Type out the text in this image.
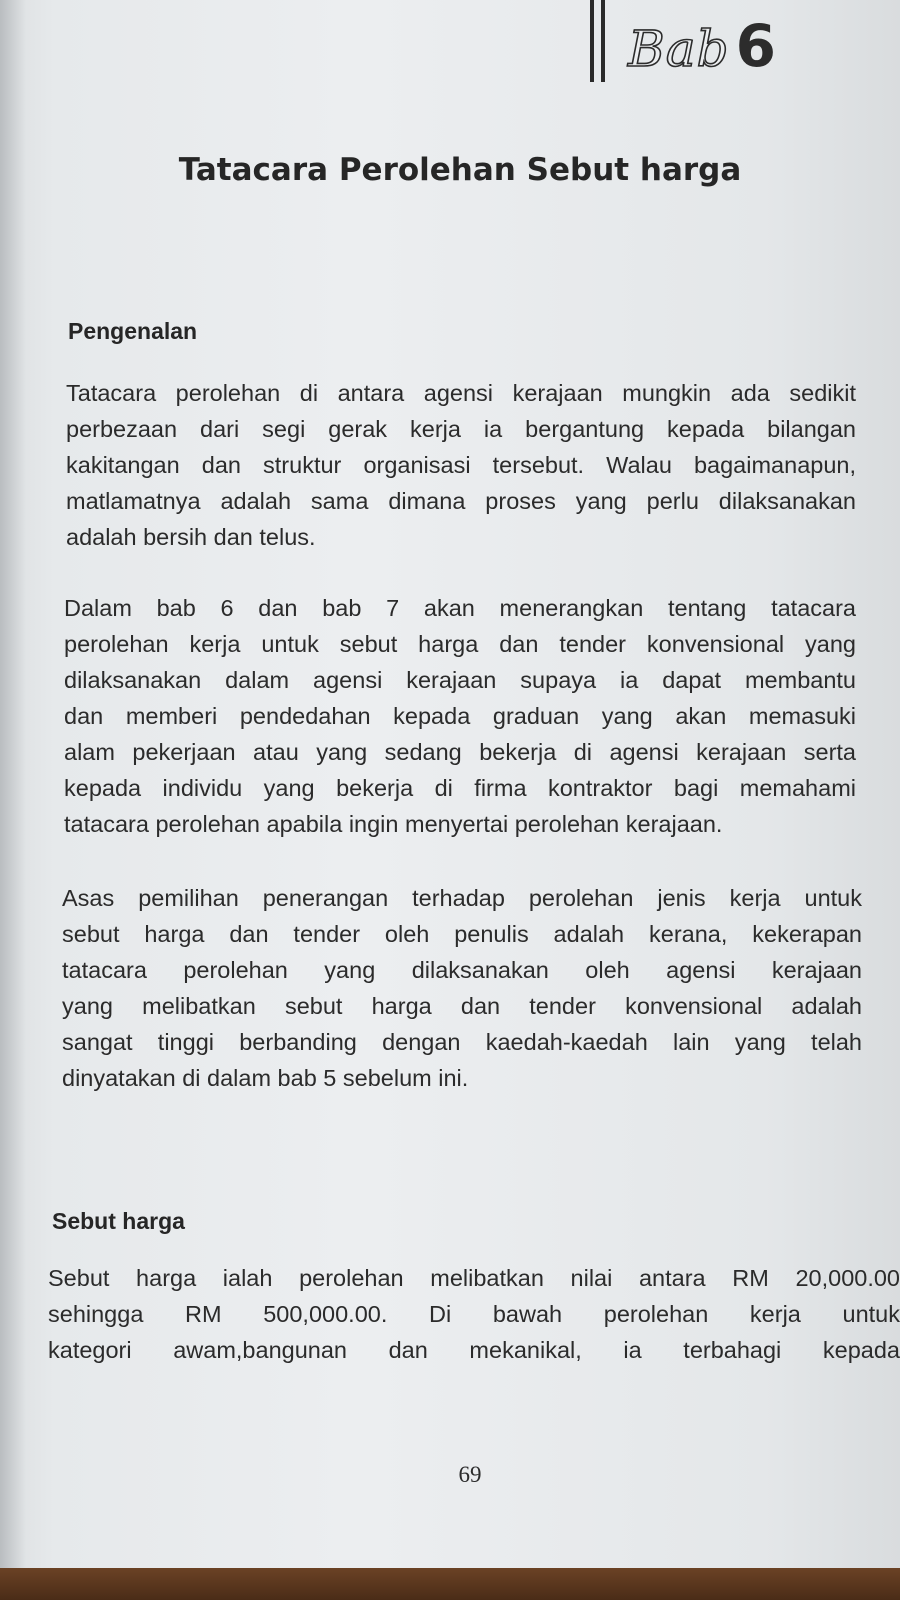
Bab 6
Tatacara Perolehan Sebut harga
Pengenalan
Tatacara perolehan di antara agensi kerajaan mungkin ada sedikit
perbezaan dari segi gerak kerja ia bergantung kepada bilangan
kakitangan dan struktur organisasi tersebut. Walau bagaimanapun,
matlamatnya adalah sama dimana proses yang perlu dilaksanakan
adalah bersih dan telus.
Dalam bab 6 dan bab 7 akan menerangkan tentang tatacara
perolehan kerja untuk sebut harga dan tender konvensional yang
dilaksanakan dalam agensi kerajaan supaya ia dapat membantu
dan memberi pendedahan kepada graduan yang akan memasuki
alam pekerjaan atau yang sedang bekerja di agensi kerajaan serta
kepada individu yang bekerja di firma kontraktor bagi memahami
tatacara perolehan apabila ingin menyertai perolehan kerajaan.
Asas pemilihan penerangan terhadap perolehan jenis kerja untuk
sebut harga dan tender oleh penulis adalah kerana, kekerapan
tatacara perolehan yang dilaksanakan oleh agensi kerajaan
yang melibatkan sebut harga dan tender konvensional adalah
sangat tinggi berbanding dengan kaedah-kaedah lain yang telah
dinyatakan di dalam bab 5 sebelum ini.
Sebut harga
Sebut harga ialah perolehan melibatkan nilai antara RM 20,000.00
sehingga RM 500,000.00. Di bawah perolehan kerja untuk
kategori awam,bangunan dan mekanikal, ia terbahagi kepada
69
